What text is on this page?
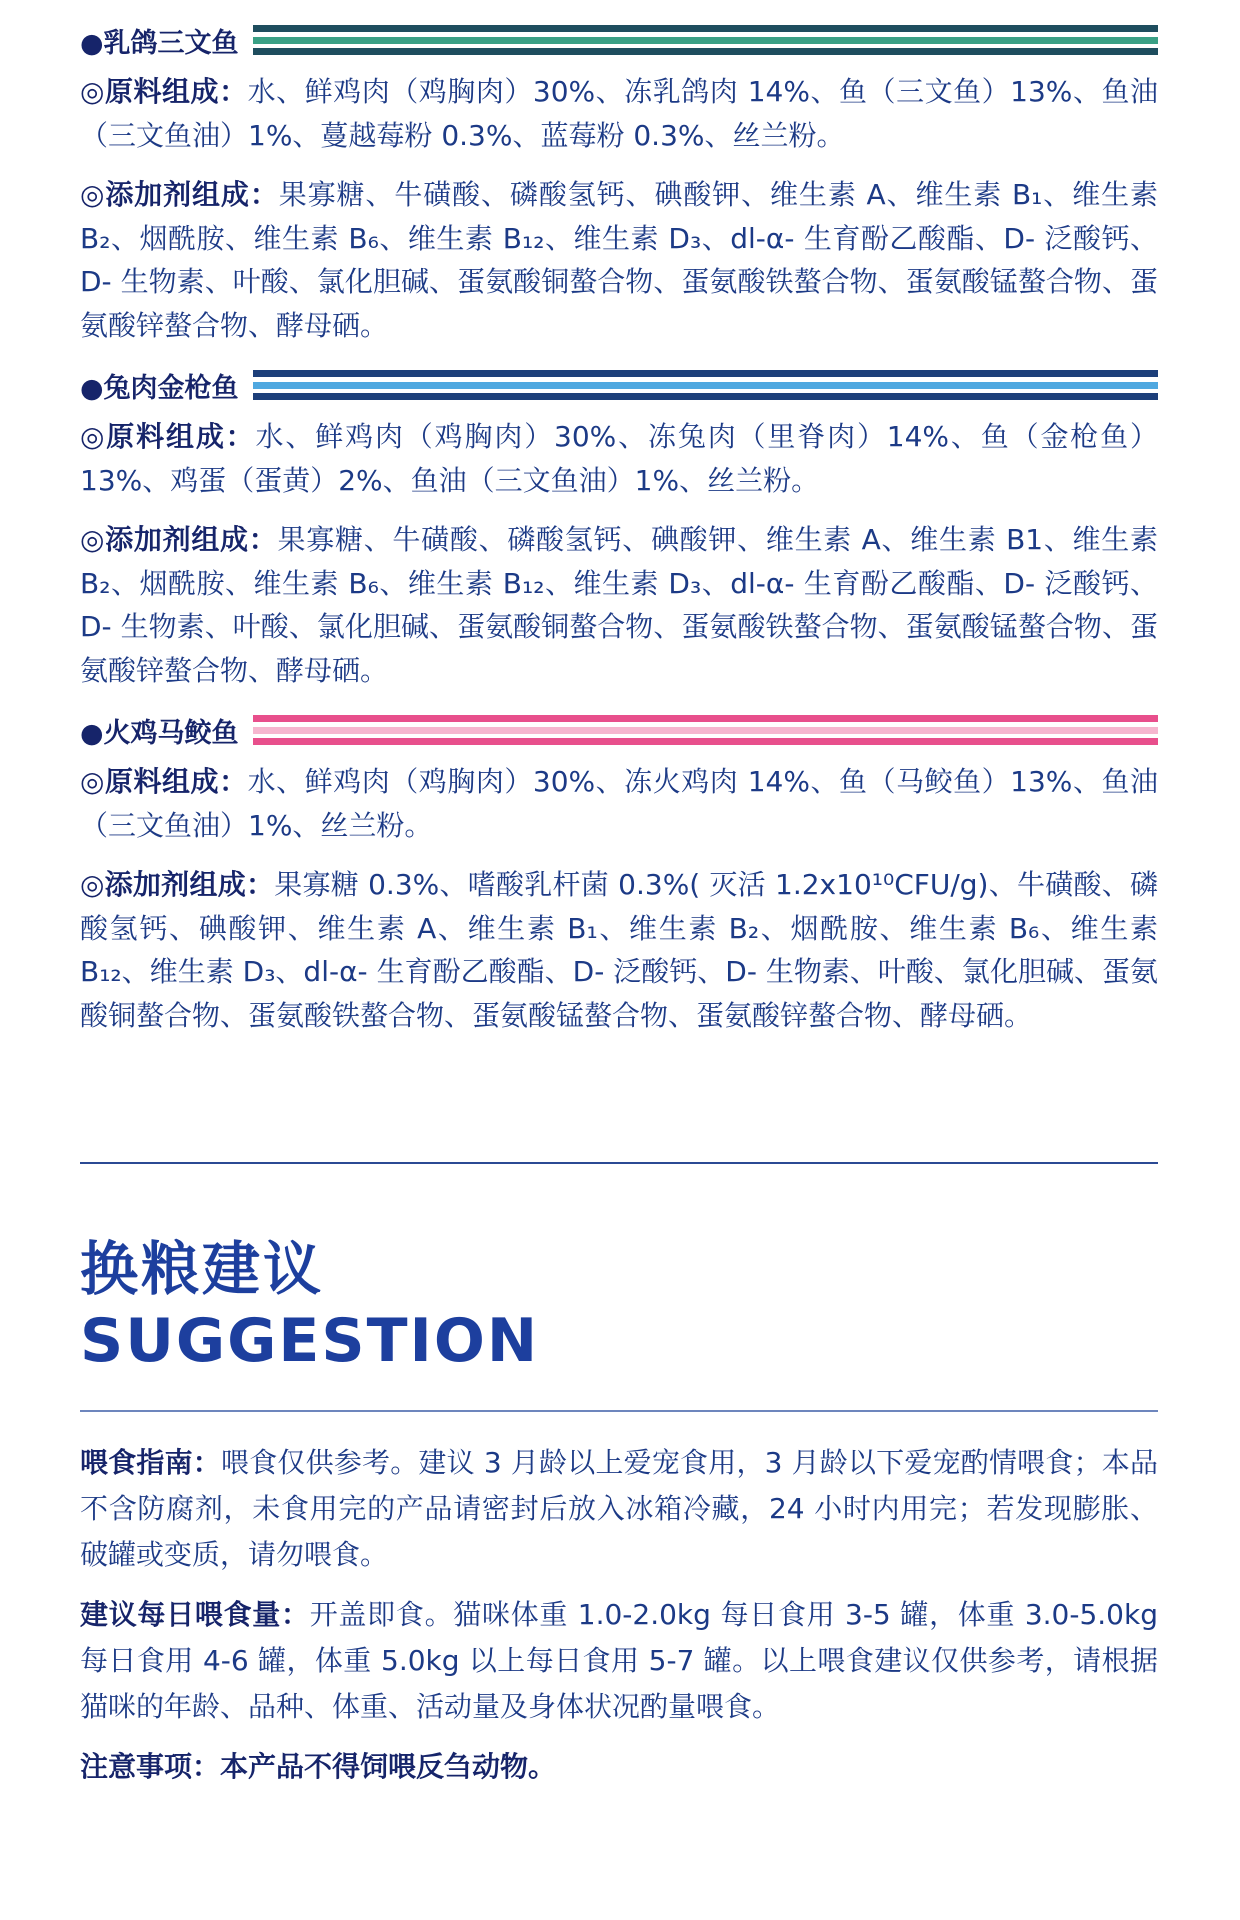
●乳鸽三文鱼

◎原料组成：水、鲜鸡肉（鸡胸肉）30%、冻乳鸽肉 14%、鱼（三文鱼）13%、鱼油（三文鱼油）1%、蔓越莓粉 0.3%、蓝莓粉 0.3%、丝兰粉。

◎添加剂组成：果寡糖、牛磺酸、磷酸氢钙、碘酸钾、维生素 A、维生素 B₁、维生素 B₂、烟酰胺、维生素 B₆、维生素 B₁₂、维生素 D₃、dl-α- 生育酚乙酸酯、D- 泛酸钙、D- 生物素、叶酸、氯化胆碱、蛋氨酸铜螯合物、蛋氨酸铁螯合物、蛋氨酸锰螯合物、蛋氨酸锌螯合物、酵母硒。

●兔肉金枪鱼

◎原料组成：水、鲜鸡肉（鸡胸肉）30%、冻兔肉（里脊肉）14%、鱼（金枪鱼）13%、鸡蛋（蛋黄）2%、鱼油（三文鱼油）1%、丝兰粉。

◎添加剂组成：果寡糖、牛磺酸、磷酸氢钙、碘酸钾、维生素 A、维生素 B1、维生素 B₂、烟酰胺、维生素 B₆、维生素 B₁₂、维生素 D₃、dl-α- 生育酚乙酸酯、D- 泛酸钙、D- 生物素、叶酸、氯化胆碱、蛋氨酸铜螯合物、蛋氨酸铁螯合物、蛋氨酸锰螯合物、蛋氨酸锌螯合物、酵母硒。

●火鸡马鲛鱼

◎原料组成：水、鲜鸡肉（鸡胸肉）30%、冻火鸡肉 14%、鱼（马鲛鱼）13%、鱼油（三文鱼油）1%、丝兰粉。

◎添加剂组成：果寡糖 0.3%、嗜酸乳杆菌 0.3%( 灭活 1.2x10¹⁰CFU/g)、牛磺酸、磷酸氢钙、碘酸钾、维生素 A、维生素 B₁、维生素 B₂、烟酰胺、维生素 B₆、维生素 B₁₂、维生素 D₃、dl-α- 生育酚乙酸酯、D- 泛酸钙、D- 生物素、叶酸、氯化胆碱、蛋氨酸铜螯合物、蛋氨酸铁螯合物、蛋氨酸锰螯合物、蛋氨酸锌螯合物、酵母硒。

换粮建议
SUGGESTION

喂食指南：喂食仅供参考。建议 3 月龄以上爱宠食用，3 月龄以下爱宠酌情喂食；本品不含防腐剂，未食用完的产品请密封后放入冰箱冷藏，24 小时内用完；若发现膨胀、破罐或变质，请勿喂食。

建议每日喂食量：开盖即食。猫咪体重 1.0-2.0kg 每日食用 3-5 罐，体重 3.0-5.0kg 每日食用 4-6 罐，体重 5.0kg 以上每日食用 5-7 罐。以上喂食建议仅供参考，请根据猫咪的年龄、品种、体重、活动量及身体状况酌量喂食。

注意事项：本产品不得饲喂反刍动物。
